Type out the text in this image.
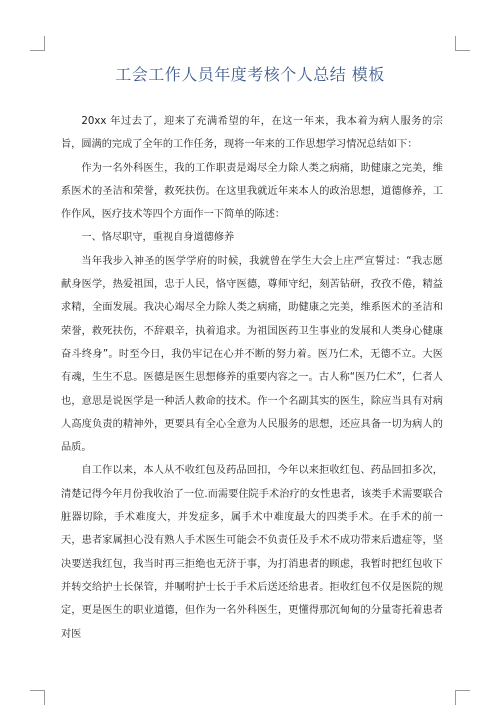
工会工作人员年度考核个人总结 模板

20xx 年过去了，迎来了充满希望的年，在这一年来，我本着为病人服务的宗旨，圆满的完成了全年的工作任务，现将一年来的工作思想学习情况总结如下：

作为一名外科医生，我的工作职责是竭尽全力除人类之病痛，助健康之完美，维系医术的圣洁和荣誉，救死扶伤。在这里我就近年来本人的政治思想，道德修养，工作作风，医疗技术等四个方面作一下简单的陈述：

一、恪尽职守，重视自身道德修养

当年我步入神圣的医学学府的时候，我就曾在学生大会上庄严宣誓过：“我志愿献身医学，热爱祖国，忠于人民，恪守医德，尊师守纪，刻苦钻研，孜孜不倦，精益求精，全面发展。我决心竭尽全力除人类之病痛，助健康之完美，维系医术的圣洁和荣誉，救死扶伤，不辞艰辛，执着追求。为祖国医药卫生事业的发展和人类身心健康奋斗终身”。时至今日，我仍牢记在心并不断的努力着。医乃仁术，无德不立。大医有魂，生生不息。医德是医生思想修养的重要内容之一。古人称“医乃仁术”，仁者人也，意思是说医学是一种活人救命的技术。作一个名副其实的医生，除应当具有对病人高度负责的精神外，更要具有全心全意为人民服务的思想，还应具备一切为病人的品质。

自工作以来，本人从不收红包及药品回扣，今年以来拒收红包、药品回扣多次，清楚记得今年月份我收治了一位.而需要住院手术治疗的女性患者，该类手术需要联合脏器切除，手术难度大，并发症多，属手术中难度最大的四类手术。在手术的前一天，患者家属担心没有熟人手术医生可能会不负责任及手术不成功带来后遗症等，坚决要送我红包，我当时再三拒绝也无济于事，为打消患者的顾虑，我暂时把红包收下并转交给护士长保管，并嘱咐护士长于手术后送还给患者。拒收红包不仅是医院的规定，更是医生的职业道德，但作为一名外科医生，更懂得那沉甸甸的分量寄托着患者对医
